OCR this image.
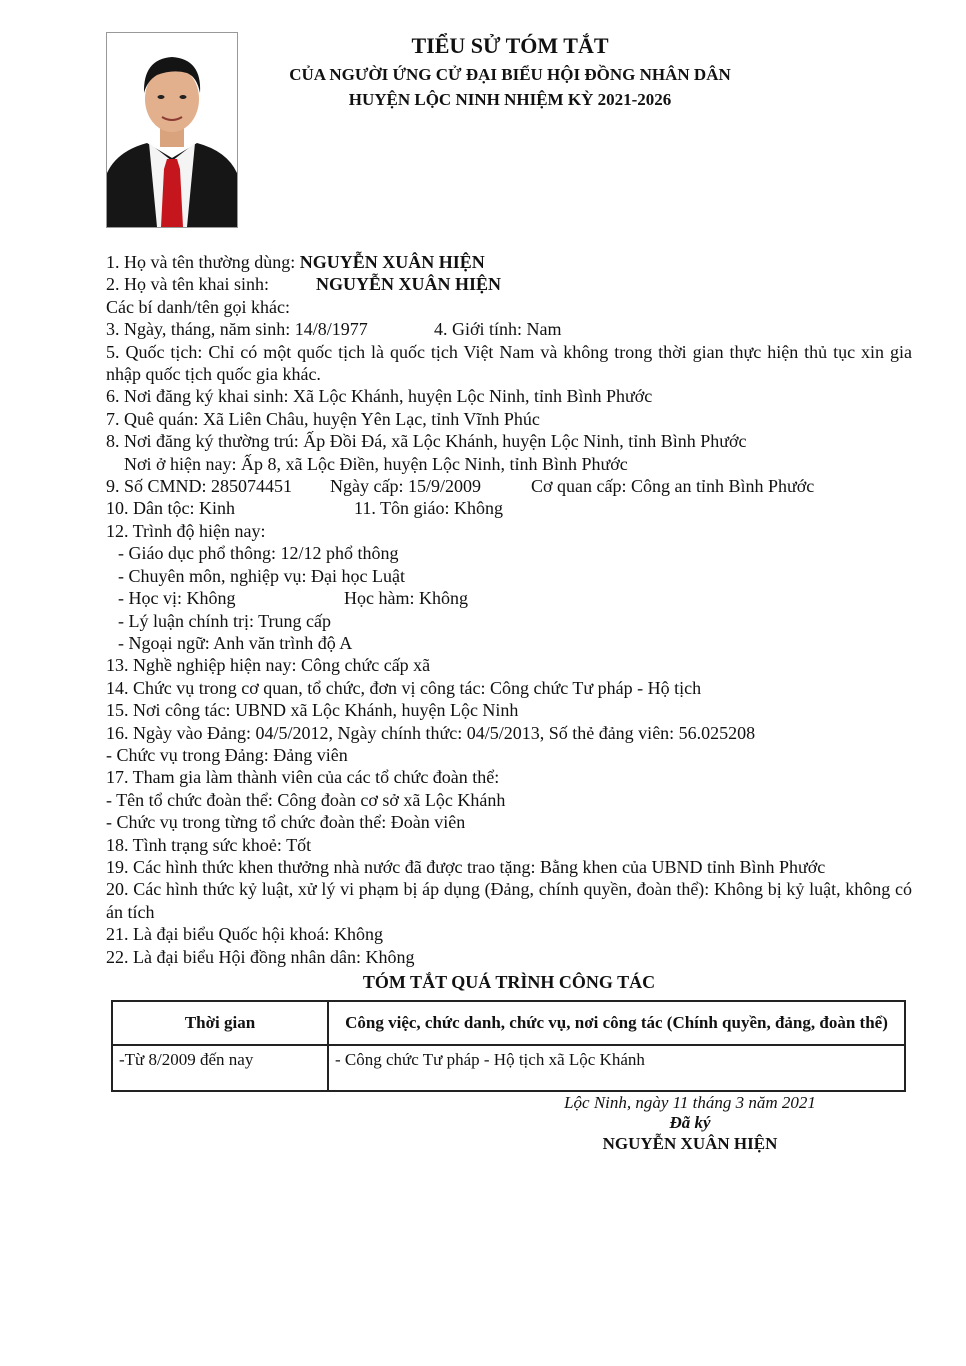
TIỂU SỬ TÓM TẮT
CỦA NGƯỜI ỨNG CỬ ĐẠI BIỂU HỘI ĐỒNG NHÂN DÂN
HUYỆN LỘC NINH NHIỆM KỲ 2021-2026
1. Họ và tên thường dùng: NGUYỄN XUÂN HIỆN
2. Họ và tên khai sinh:	NGUYỄN XUÂN HIỆN
Các bí danh/tên gọi khác:
3. Ngày, tháng, năm sinh: 14/8/1977	4. Giới tính: Nam
5. Quốc tịch: Chỉ có một quốc tịch là quốc tịch Việt Nam và không trong thời gian thực hiện thủ tục xin gia nhập quốc tịch quốc gia khác.
6. Nơi đăng ký khai sinh: Xã Lộc Khánh, huyện Lộc Ninh, tỉnh Bình Phước
7. Quê quán: Xã Liên Châu, huyện Yên Lạc, tỉnh Vĩnh Phúc
8. Nơi đăng ký thường trú: Ấp Đồi Đá, xã Lộc Khánh, huyện Lộc Ninh, tỉnh Bình Phước
Nơi ở hiện nay: Ấp 8, xã Lộc Điền, huyện Lộc Ninh, tỉnh Bình Phước
9. Số CMND: 285074451 Ngày cấp: 15/9/2009	Cơ quan cấp: Công an tỉnh Bình Phước
10. Dân tộc: Kinh	11. Tôn giáo: Không
12. Trình độ hiện nay:
- Giáo dục phổ thông: 12/12 phổ thông
- Chuyên môn, nghiệp vụ: Đại học Luật
- Học vị: Không	Học hàm: Không
- Lý luận chính trị: Trung cấp
- Ngoại ngữ: Anh văn trình độ A
13. Nghề nghiệp hiện nay: Công chức cấp xã
14. Chức vụ trong cơ quan, tổ chức, đơn vị công tác: Công chức Tư pháp - Hộ tịch
15. Nơi công tác: UBND xã Lộc Khánh, huyện Lộc Ninh
16. Ngày vào Đảng: 04/5/2012, Ngày chính thức: 04/5/2013, Số thẻ đảng viên: 56.025208
- Chức vụ trong Đảng: Đảng viên
17. Tham gia làm thành viên của các tổ chức đoàn thể:
- Tên tổ chức đoàn thể: Công đoàn cơ sở xã Lộc Khánh
- Chức vụ trong từng tổ chức đoàn thể: Đoàn viên
18. Tình trạng sức khoẻ: Tốt
19. Các hình thức khen thưởng nhà nước đã được trao tặng: Bằng khen của UBND tỉnh Bình Phước
20. Các hình thức kỷ luật, xử lý vi phạm bị áp dụng (Đảng, chính quyền, đoàn thể): Không bị kỷ luật, không có án tích
21. Là đại biểu Quốc hội khoá: Không
22. Là đại biểu Hội đồng nhân dân: Không
TÓM TẮT QUÁ TRÌNH CÔNG TÁC
Thời gian	Công việc, chức danh, chức vụ, nơi công tác (Chính quyền, đảng, đoàn thể)
-Từ 8/2009 đến nay	- Công chức Tư pháp - Hộ tịch xã Lộc Khánh
Lộc Ninh, ngày 11 tháng 3 năm 2021
Đã ký
NGUYỄN XUÂN HIỆN
